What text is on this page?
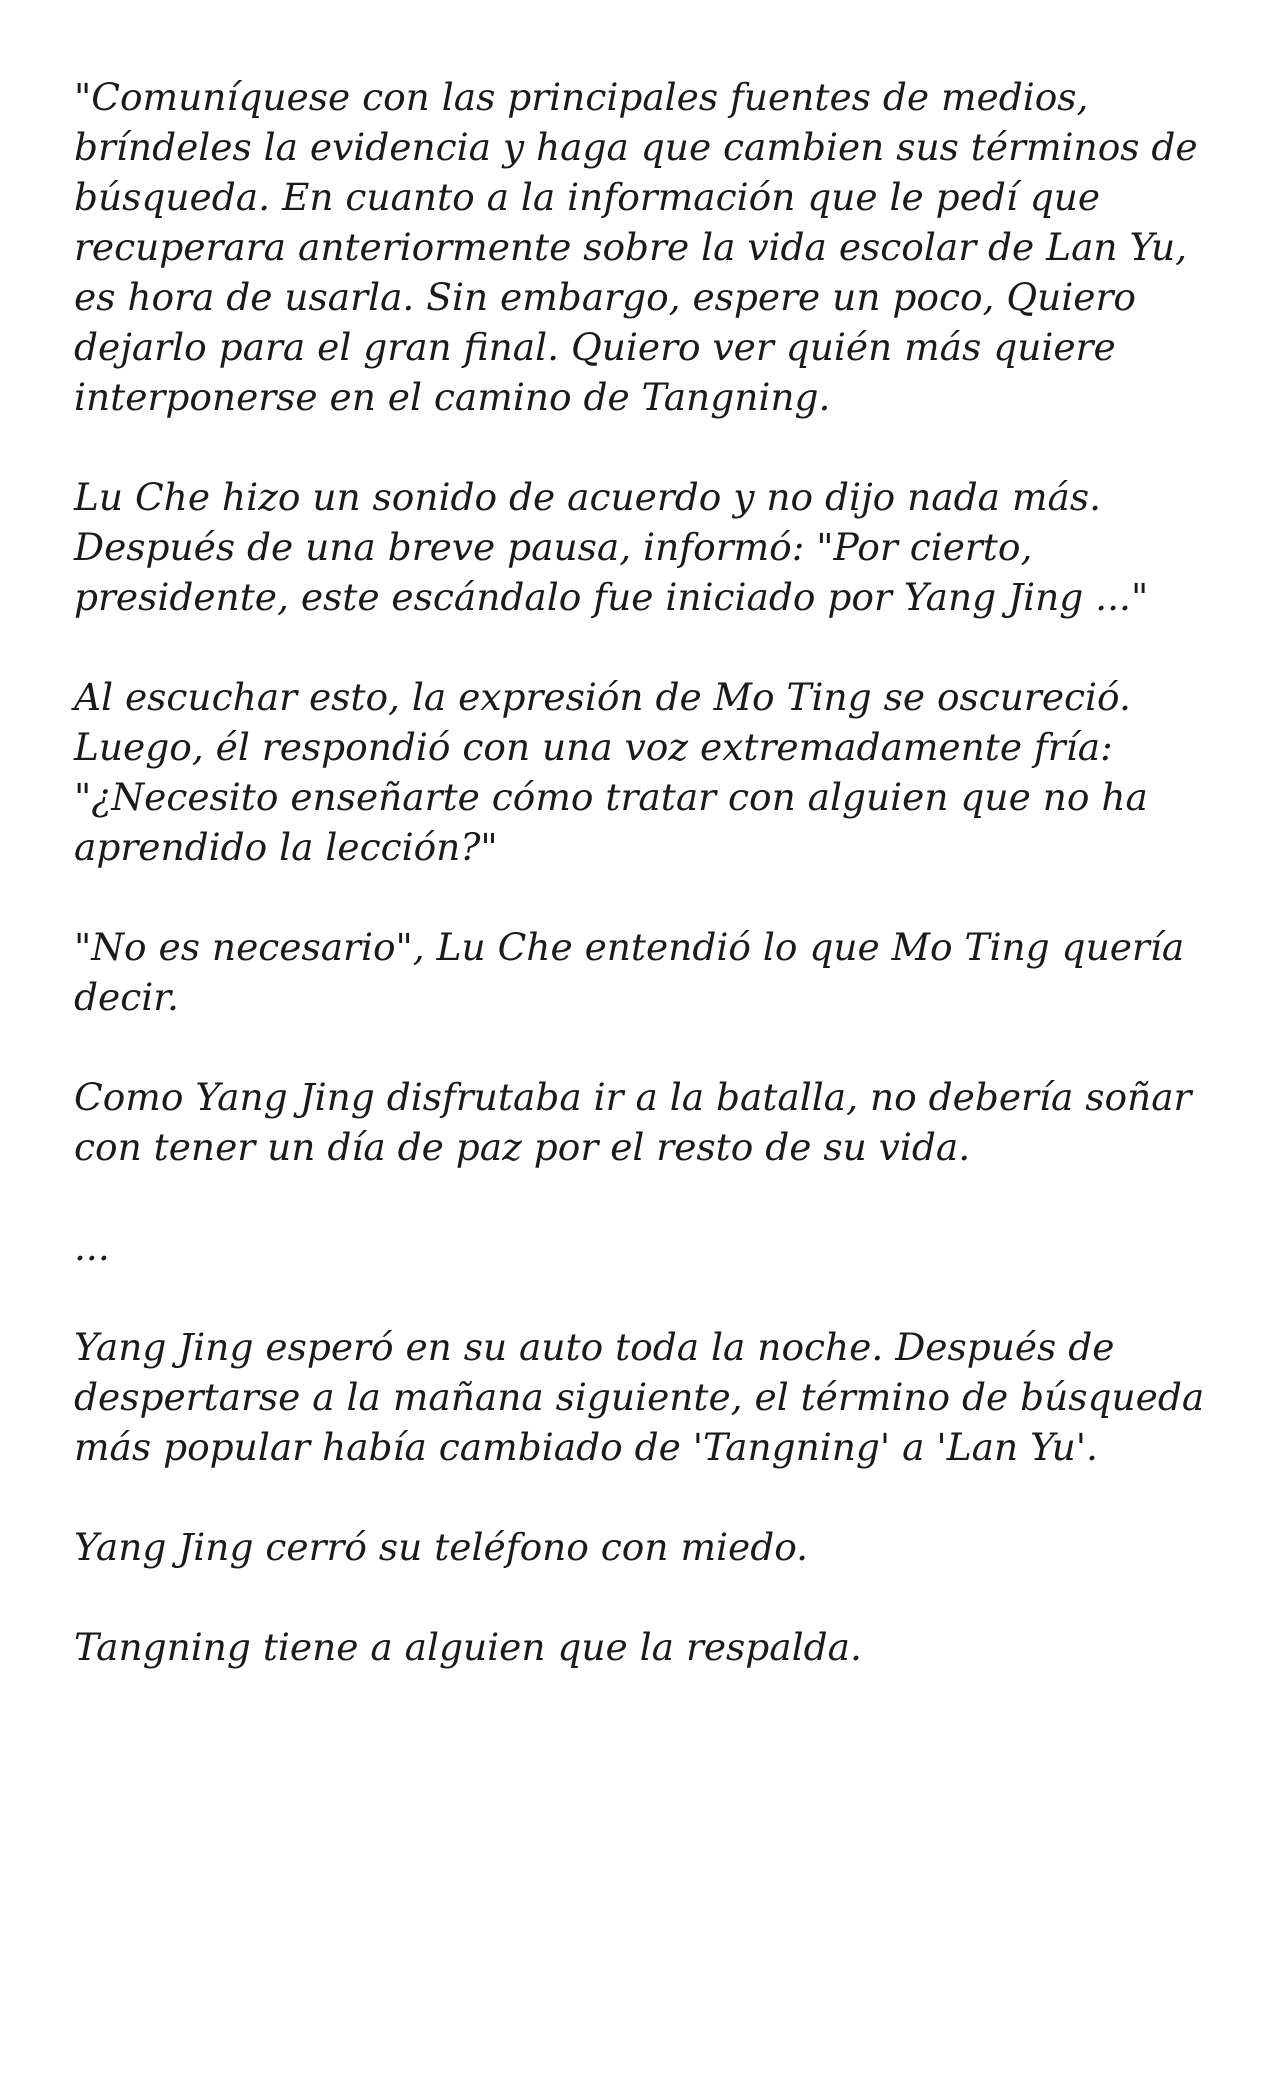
"Comuníquese con las principales fuentes de medios, bríndeles la evidencia y haga que cambien sus términos de búsqueda. En cuanto a la información que le pedí que recuperara anteriormente sobre la vida escolar de Lan Yu, es hora de usarla. Sin embargo, espere un poco, Quiero dejarlo para el gran final. Quiero ver quién más quiere interponerse en el camino de Tangning.

Lu Che hizo un sonido de acuerdo y no dijo nada más. Después de una breve pausa, informó: "Por cierto, presidente, este escándalo fue iniciado por Yang Jing ..."

Al escuchar esto, la expresión de Mo Ting se oscureció. Luego, él respondió con una voz extremadamente fría: "¿Necesito enseñarte cómo tratar con alguien que no ha aprendido la lección?"

"No es necesario", Lu Che entendió lo que Mo Ting quería decir.

Como Yang Jing disfrutaba ir a la batalla, no debería soñar con tener un día de paz por el resto de su vida.

...

Yang Jing esperó en su auto toda la noche. Después de despertarse a la mañana siguiente, el término de búsqueda más popular había cambiado de 'Tangning' a 'Lan Yu'.

Yang Jing cerró su teléfono con miedo.

Tangning tiene a alguien que la respalda.
